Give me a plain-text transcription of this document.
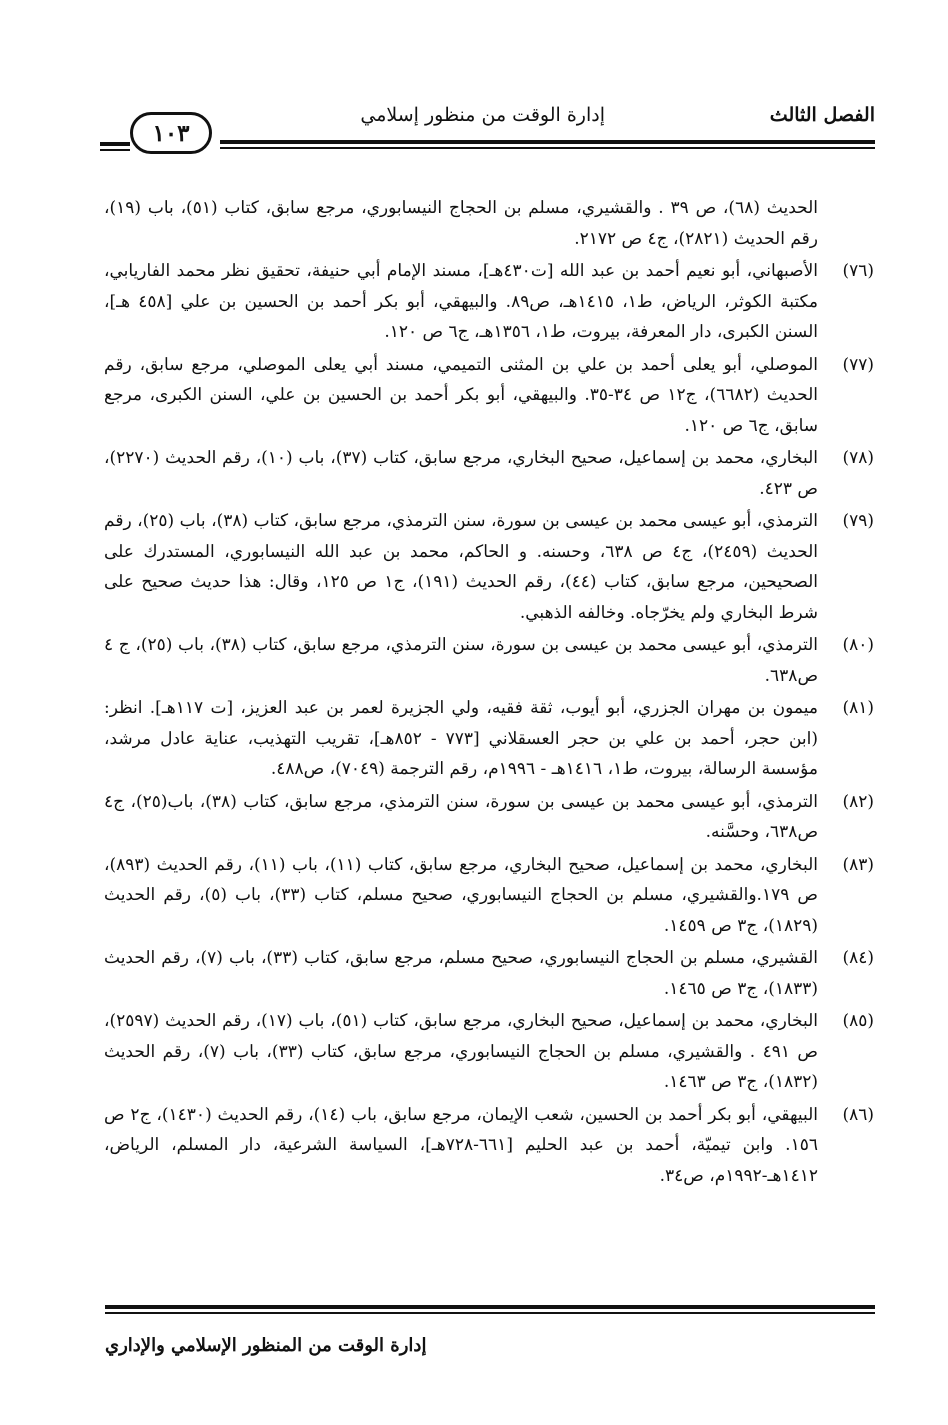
الفصل الثالث
إدارة الوقت من منظور إسلامي
١٠٣
الحديث (٦٨)، ص ٣٩ . والقشيري، مسلم بن الحجاج النيسابوري، مرجع سابق، كتاب (٥١)، باب (١٩)، رقم الحديث (٢٨٢١)، ج٤ ص ٢١٧٢.
(٧٦)
الأصبهاني، أبو نعيم أحمد بن عبد الله [ت٤٣٠هـ]، مسند الإمام أبي حنيفة، تحقيق نظر محمد الفاريابي، مكتبة الكوثر، الرياض، ط١، ١٤١٥هـ، ص٨٩. والبيهقي، أبو بكر أحمد بن الحسين بن علي [٤٥٨ هـ]، السنن الكبرى، دار المعرفة، بيروت، ط١، ١٣٥٦هـ، ج٦ ص ١٢٠.
(٧٧)
الموصلي، أبو يعلى أحمد بن علي بن المثنى التميمي، مسند أبي يعلى الموصلي، مرجع سابق، رقم الحديث (٦٦٨٢)، ج١٢ ص ٣٤-٣٥. والبيهقي، أبو بكر أحمد بن الحسين بن علي، السنن الكبرى، مرجع سابق، ج٦ ص ١٢٠.
(٧٨)
البخاري، محمد بن إسماعيل، صحيح البخاري، مرجع سابق، كتاب (٣٧)، باب (١٠)، رقم الحديث (٢٢٧٠)، ص ٤٢٣.
(٧٩)
الترمذي، أبو عيسى محمد بن عيسى بن سورة، سنن الترمذي، مرجع سابق، كتاب (٣٨)، باب (٢٥)، رقم الحديث (٢٤٥٩)، ج٤ ص ٦٣٨، وحسنه. و الحاكم، محمد بن عبد الله النيسابوري، المستدرك على الصحيحين، مرجع سابق، كتاب (٤٤)، رقم الحديث (١٩١)، ج١ ص ١٢٥، وقال: هذا حديث صحيح على شرط البخاري ولم يخرّجاه. وخالفه الذهبي.
(٨٠)
الترمذي، أبو عيسى محمد بن عيسى بن سورة، سنن الترمذي، مرجع سابق، كتاب (٣٨)، باب (٢٥)، ج ٤ ص٦٣٨.
(٨١)
ميمون بن مهران الجزري، أبو أيوب، ثقة فقيه، ولي الجزيرة لعمر بن عبد العزيز، [ت ١١٧هـ]. انظر: (ابن حجر، أحمد بن علي بن حجر العسقلاني [٧٧٣ - ٨٥٢هـ]، تقريب التهذيب، عناية عادل مرشد، مؤسسة الرسالة، بيروت، ط١، ١٤١٦هـ - ١٩٩٦م، رقم الترجمة (٧٠٤٩)، ص٤٨٨.
(٨٢)
الترمذي، أبو عيسى محمد بن عيسى بن سورة، سنن الترمذي، مرجع سابق، كتاب (٣٨)، باب(٢٥)، ج٤ ص٦٣٨، وحسَّنه.
(٨٣)
البخاري، محمد بن إسماعيل، صحيح البخاري، مرجع سابق، كتاب (١١)، باب (١١)، رقم الحديث (٨٩٣)، ص ١٧٩.والقشيري، مسلم بن الحجاج النيسابوري، صحيح مسلم، كتاب (٣٣)، باب (٥)، رقم الحديث (١٨٢٩)، ج٣ ص ١٤٥٩.
(٨٤)
القشيري، مسلم بن الحجاج النيسابوري، صحيح مسلم، مرجع سابق، كتاب (٣٣)، باب (٧)، رقم الحديث (١٨٣٣)، ج٣ ص ١٤٦٥.
(٨٥)
البخاري، محمد بن إسماعيل، صحيح البخاري، مرجع سابق، كتاب (٥١)، باب (١٧)، رقم الحديث (٢٥٩٧)، ص ٤٩١ . والقشيري، مسلم بن الحجاج النيسابوري، مرجع سابق، كتاب (٣٣)، باب (٧)، رقم الحديث (١٨٣٢)، ج٣ ص ١٤٦٣.
(٨٦)
البيهقي، أبو بكر أحمد بن الحسين، شعب الإيمان، مرجع سابق، باب (١٤)، رقم الحديث (١٤٣٠)، ج٢ ص ١٥٦. وابن تيميّة، أحمد بن عبد الحليم [٦٦١-٧٢٨هـ]، السياسة الشرعية، دار المسلم، الرياض، ١٤١٢هـ-١٩٩٢م، ص٣٤.
إدارة الوقت من المنظور الإسلامي والإداري
